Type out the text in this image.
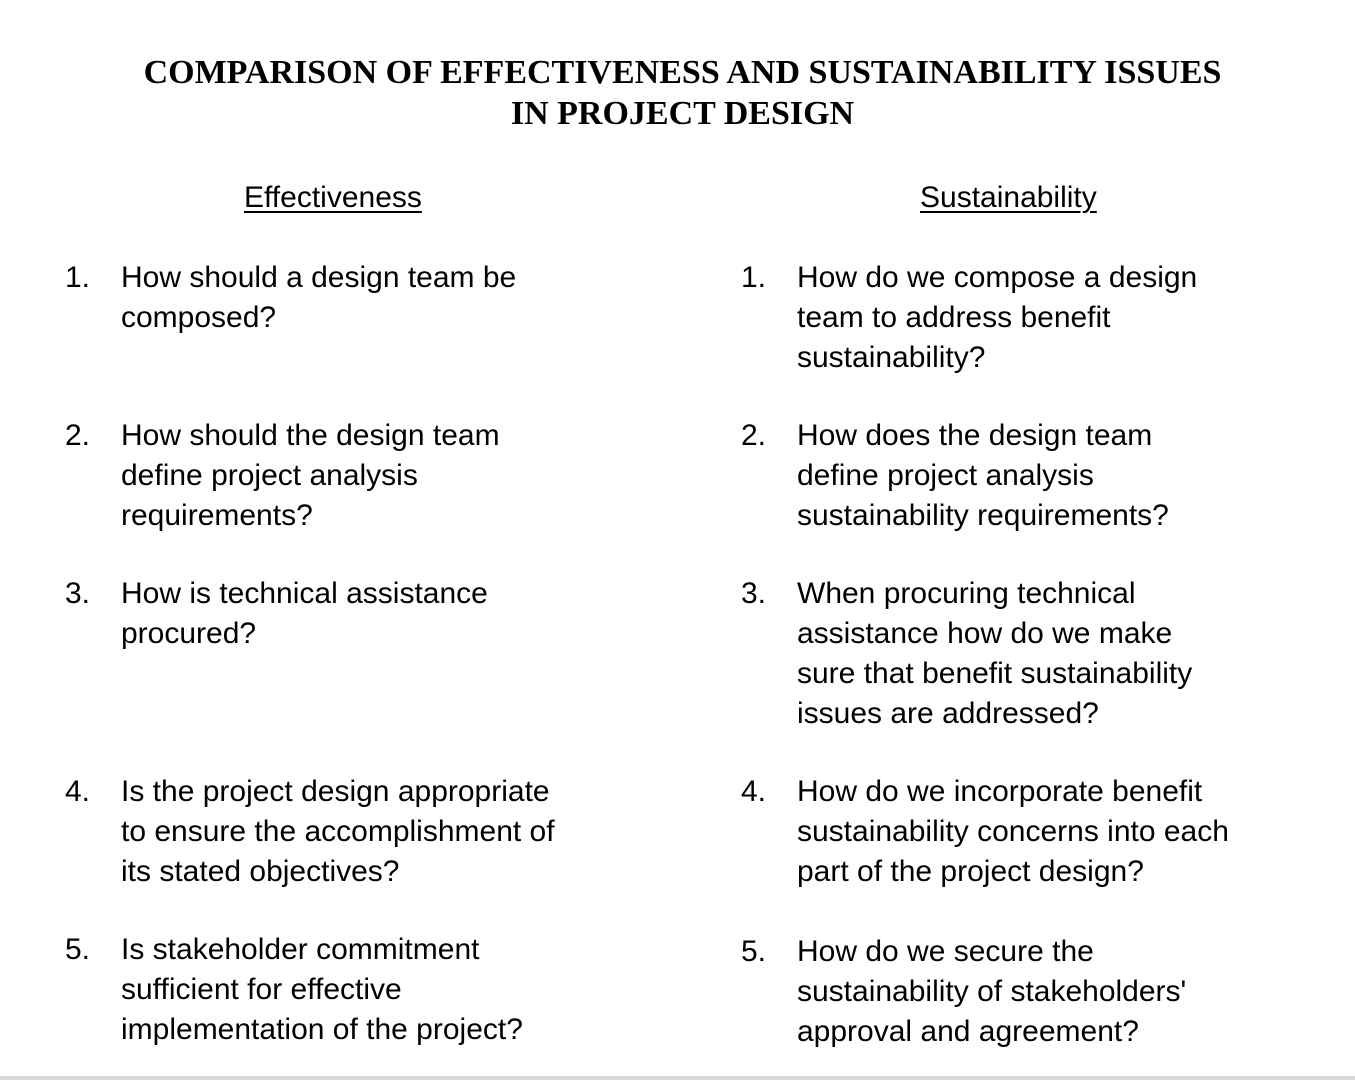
COMPARISON OF EFFECTIVENESS AND SUSTAINABILITY ISSUES
IN PROJECT DESIGN
Effectiveness	Sustainability
1. How should a design team be
composed?
2. How should the design team
define project analysis
requirements?
3. How is technical assistance
procured?
4. Is the project design appropriate
to ensure the accomplishment of
its stated objectives?
5. Is stakeholder commitment
sufficient for effective
implementation of the project?
1. How do we compose a design
team to address benefit
sustainability?
2. How does the design team
define project analysis
sustainability requirements?
3. When procuring technical
assistance how do we make
sure that benefit sustainability
issues are addressed?
4. How do we incorporate benefit
sustainability concerns into each
part of the project design?
5. How do we secure the
sustainability of stakeholders'
approval and agreement?
